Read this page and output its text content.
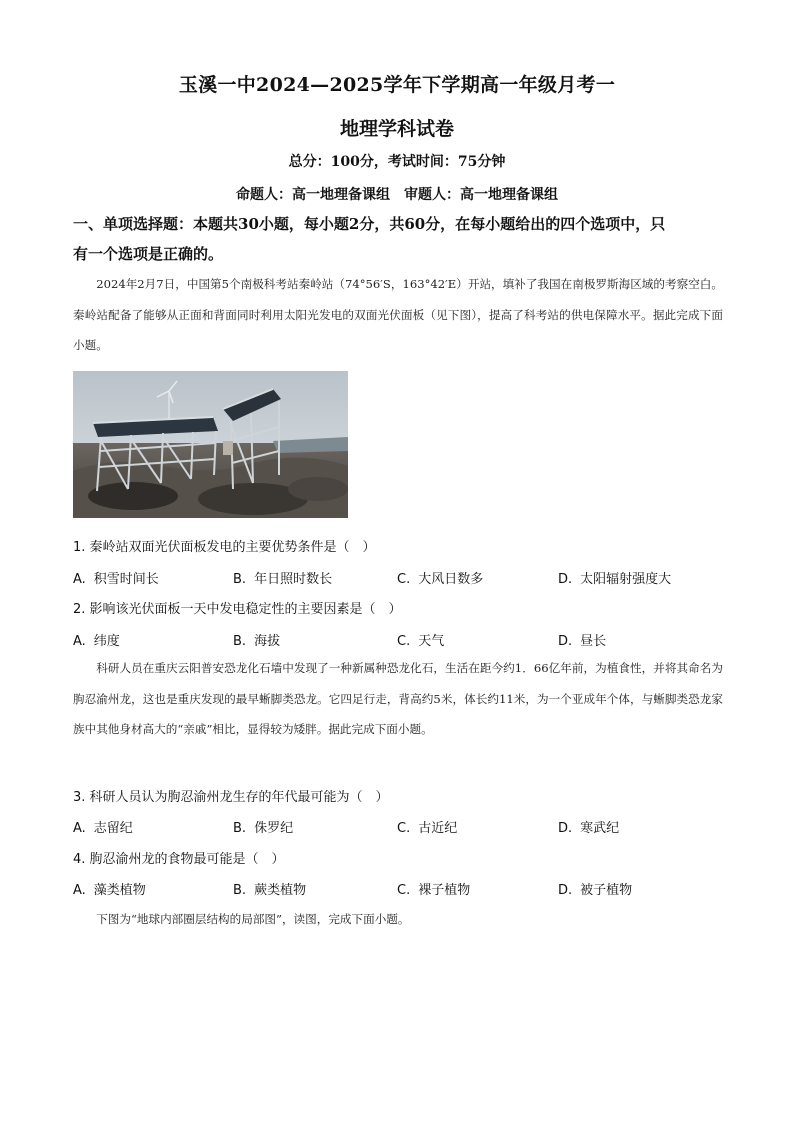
玉溪一中2024—2025学年下学期高一年级月考一
地理学科试卷
总分：100分，考试时间：75分钟
命题人：高一地理备课组　审题人：高一地理备课组
一、单项选择题：本题共30小题，每小题2分，共60分，在每小题给出的四个选项中，只
有一个选项是正确的。
2024年2月7日，中国第5个南极科考站秦岭站（74°56′S，163°42′E）开站，填补了我国在南极罗斯海区域的考察空白。秦岭站配备了能够从正面和背面同时利用太阳光发电的双面光伏面板（见下图），提高了科考站的供电保障水平。据此完成下面小题。
1. 秦岭站双面光伏面板发电的主要优势条件是（　）
A. 积雪时间长	B. 年日照时数长	C. 大风日数多	D. 太阳辐射强度大
2. 影响该光伏面板一天中发电稳定性的主要因素是（　）
A. 纬度	B. 海拔	C. 天气	D. 昼长
科研人员在重庆云阳普安恐龙化石墙中发现了一种新属种恐龙化石，生活在距今约1．66亿年前，为植食性，并将其命名为朐忍渝州龙，这也是重庆发现的最早蜥脚类恐龙。它四足行走，背高约5米，体长约11米，为一个亚成年个体，与蜥脚类恐龙家族中其他身材高大的“亲戚”相比，显得较为矮胖。据此完成下面小题。
3. 科研人员认为朐忍渝州龙生存的年代最可能为（　）
A. 志留纪	B. 侏罗纪	C. 古近纪	D. 寒武纪
4. 朐忍渝州龙的食物最可能是（　）
A. 藻类植物	B. 蕨类植物	C. 裸子植物	D. 被子植物
下图为“地球内部圈层结构的局部图”，读图，完成下面小题。
